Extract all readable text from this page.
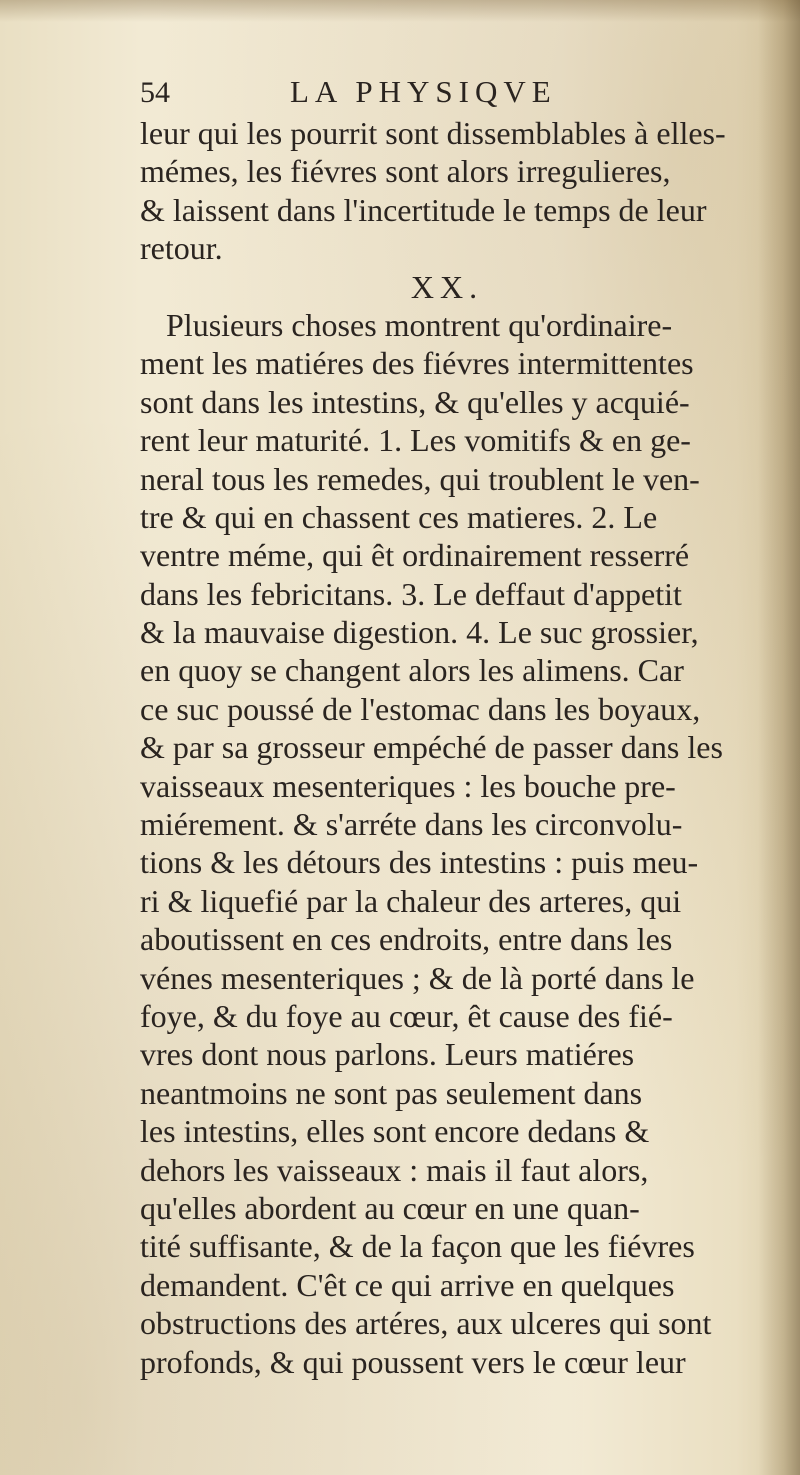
54	LA PHYSIQVE
leur qui les pourrit sont dissemblables à elles-
mémes, les fiévres sont alors irregulieres,
& laissent dans l'incertitude le temps de leur
retour.
XX.
Plusieurs choses montrent qu'ordinaire-
ment les matiéres des fiévres intermittentes
sont dans les intestins, & qu'elles y acquié-
rent leur maturité. 1. Les vomitifs & en ge-
neral tous les remedes, qui troublent le ven-
tre & qui en chassent ces matieres. 2. Le
ventre méme, qui êt ordinairement resserré
dans les febricitans. 3. Le deffaut d'appetit
& la mauvaise digestion. 4. Le suc grossier,
en quoy se changent alors les alimens. Car
ce suc poussé de l'estomac dans les boyaux,
& par sa grosseur empéché de passer dans les
vaisseaux mesenteriques : les bouche pre-
miérement. & s'arréte dans les circonvolu-
tions & les détours des intestins : puis meu-
ri & liquefié par la chaleur des arteres, qui
aboutissent en ces endroits, entre dans les
vénes mesenteriques ; & de là porté dans le
foye, & du foye au cœur, êt cause des fié-
vres dont nous parlons. Leurs matiéres
neantmoins ne sont pas seulement dans
les intestins, elles sont encore dedans &
dehors les vaisseaux : mais il faut alors,
qu'elles abordent au cœur en une quan-
tité suffisante, & de la façon que les fiévres
demandent. C'êt ce qui arrive en quelques
obstructions des artéres, aux ulceres qui sont
profonds, & qui poussent vers le cœur leur
